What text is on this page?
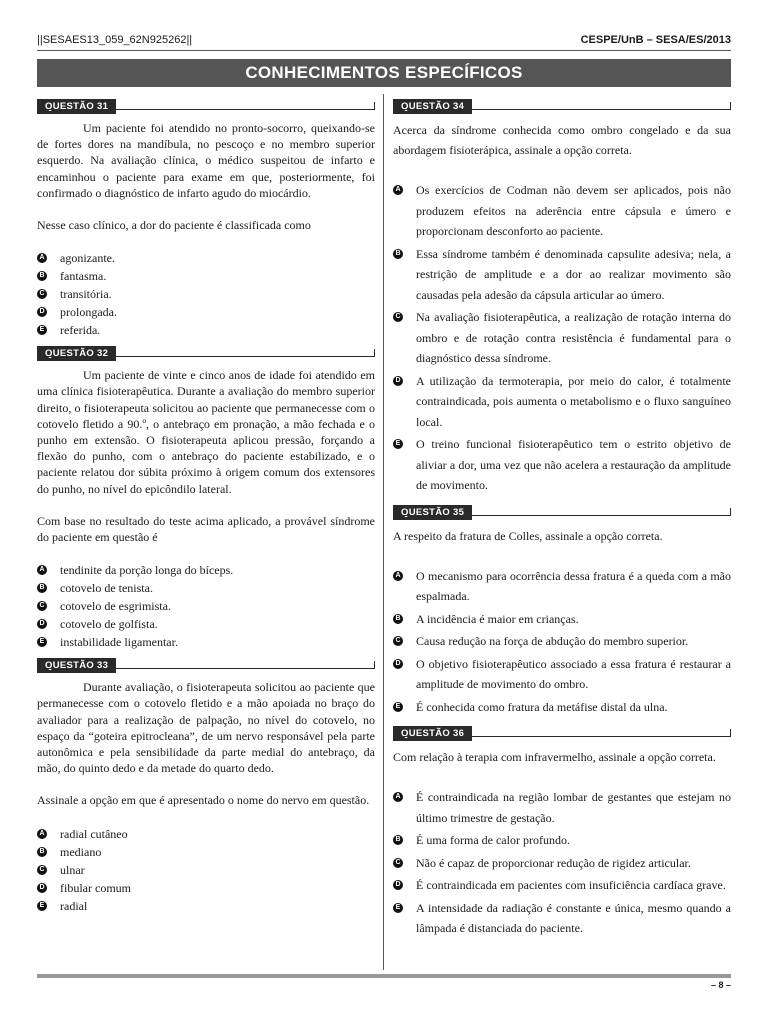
||SESAES13_059_62N925262||	CESPE/UnB – SESA/ES/2013
CONHECIMENTOS ESPECÍFICOS
QUESTÃO 31

Um paciente foi atendido no pronto-socorro, queixando-se de fortes dores na mandíbula, no pescoço e no membro superior esquerdo. Na avaliação clínica, o médico suspeitou de infarto e encaminhou o paciente para exame em que, posteriormente, foi confirmado o diagnóstico de infarto agudo do miocárdio.

Nesse caso clínico, a dor do paciente é classificada como

A agonizante.
B fantasma.
C transitória.
D prolongada.
E referida.
QUESTÃO 32

Um paciente de vinte e cinco anos de idade foi atendido em uma clínica fisioterapêutica. Durante a avaliação do membro superior direito, o fisioterapeuta solicitou ao paciente que permanecesse com o cotovelo fletido a 90.º, o antebraço em pronação, a mão fechada e o punho em extensão. O fisioterapeuta aplicou pressão, forçando a flexão do punho, com o antebraço do paciente estabilizado, e o paciente relatou dor súbita próximo à origem comum dos extensores do punho, no nível do epicôndilo lateral.

Com base no resultado do teste acima aplicado, a provável síndrome do paciente em questão é

A tendinite da porção longa do bíceps.
B cotovelo de tenista.
C cotovelo de esgrimista.
D cotovelo de golfista.
E instabilidade ligamentar.
QUESTÃO 33

Durante avaliação, o fisioterapeuta solicitou ao paciente que permanecesse com o cotovelo fletido e a mão apoiada no braço do avaliador para a realização de palpação, no nível do cotovelo, no espaço da “goteira epitrocleana”, de um nervo responsável pela parte autonômica e pela sensibilidade da parte medial do antebraço, da mão, do quinto dedo e da metade do quarto dedo.

Assinale a opção em que é apresentado o nome do nervo em questão.

A radial cutâneo
B mediano
C ulnar
D fibular comum
E radial
QUESTÃO 34

Acerca da síndrome conhecida como ombro congelado e da sua abordagem fisioterápica, assinale a opção correta.

A Os exercícios de Codman não devem ser aplicados, pois não produzem efeitos na aderência entre cápsula e úmero e proporcionam desconforto ao paciente.
B Essa síndrome também é denominada capsulite adesiva; nela, a restrição de amplitude e a dor ao realizar movimento são causadas pela adesão da cápsula articular ao úmero.
C Na avaliação fisioterapêutica, a realização de rotação interna do ombro e de rotação contra resistência é fundamental para o diagnóstico dessa síndrome.
D A utilização da termoterapia, por meio do calor, é totalmente contraindicada, pois aumenta o metabolismo e o fluxo sanguíneo local.
E O treino funcional fisioterapêutico tem o estrito objetivo de aliviar a dor, uma vez que não acelera a restauração da amplitude de movimento.
QUESTÃO 35

A respeito da fratura de Colles, assinale a opção correta.

A O mecanismo para ocorrência dessa fratura é a queda com a mão espalmada.
B A incidência é maior em crianças.
C Causa redução na força de abdução do membro superior.
D O objetivo fisioterapêutico associado a essa fratura é restaurar a amplitude de movimento do ombro.
E É conhecida como fratura da metáfise distal da ulna.
QUESTÃO 36

Com relação à terapia com infravermelho, assinale a opção correta.

A É contraindicada na região lombar de gestantes que estejam no último trimestre de gestação.
B É uma forma de calor profundo.
C Não é capaz de proporcionar redução de rigidez articular.
D É contraindicada em pacientes com insuficiência cardíaca grave.
E A intensidade da radiação é constante e única, mesmo quando a lâmpada é distanciada do paciente.
– 8 –
